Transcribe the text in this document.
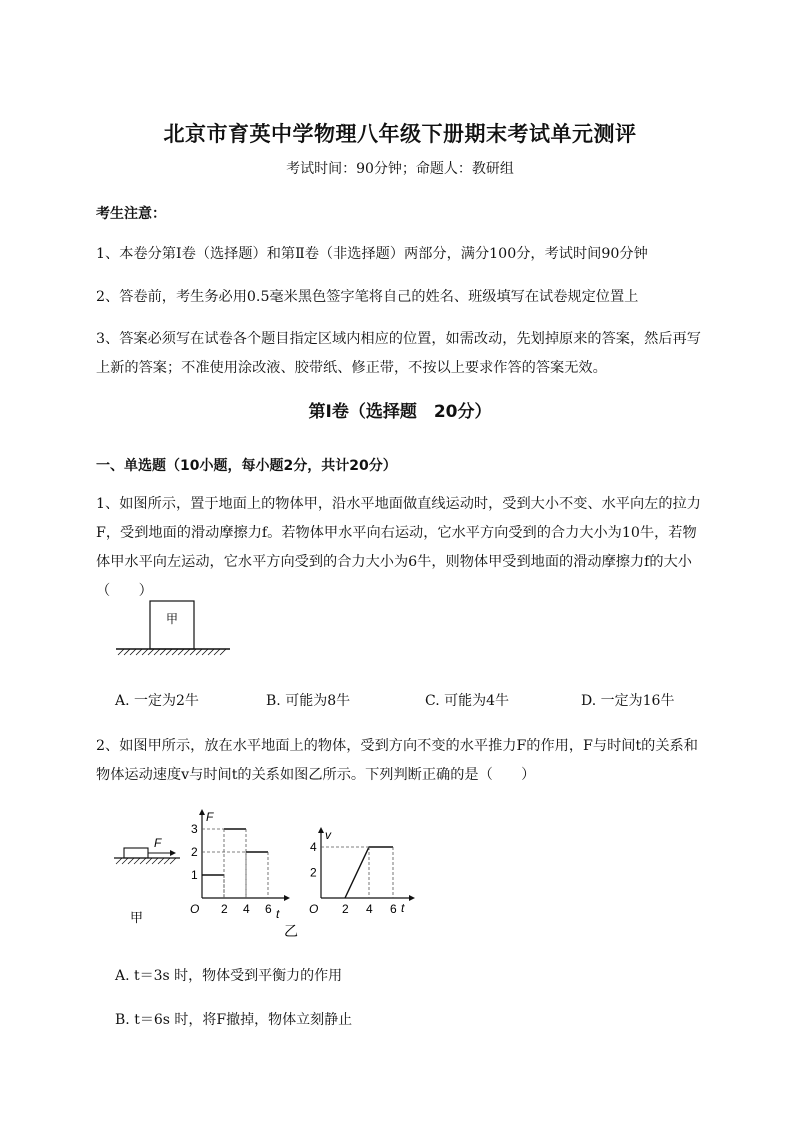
北京市育英中学物理八年级下册期末考试单元测评
考试时间：90分钟；命题人：教研组
考生注意：
1、本卷分第Ⅰ卷（选择题）和第Ⅱ卷（非选择题）两部分，满分100分，考试时间90分钟
2、答卷前，考生务必用0.5毫米黑色签字笔将自己的姓名、班级填写在试卷规定位置上
3、答案必须写在试卷各个题目指定区域内相应的位置，如需改动，先划掉原来的答案，然后再写上新的答案；不准使用涂改液、胶带纸、修正带，不按以上要求作答的答案无效。
第Ⅰ卷（选择题　20分）
一、单选题（10小题，每小题2分，共计20分）
1、如图所示，置于地面上的物体甲，沿水平地面做直线运动时，受到大小不变、水平向左的拉力F，受到地面的滑动摩擦力f。若物体甲水平向右运动，它水平方向受到的合力大小为10牛，若物体甲水平向左运动，它水平方向受到的合力大小为6牛，则物体甲受到地面的滑动摩擦力f的大小（　　）
甲
A. 一定为2牛	B. 可能为8牛	C. 可能为4牛	D. 一定为16牛
2、如图甲所示，放在水平地面上的物体，受到方向不变的水平推力F的作用，F与时间t的关系和物体运动速度v与时间t的关系如图乙所示。下列判断正确的是（　　）
F
甲
F
t
O 2 4 6
1
2
3
乙
v
t
O 2 4 6
2
4
A. t＝3s 时，物体受到平衡力的作用
B. t＝6s 时，将F撤掉，物体立刻静止
